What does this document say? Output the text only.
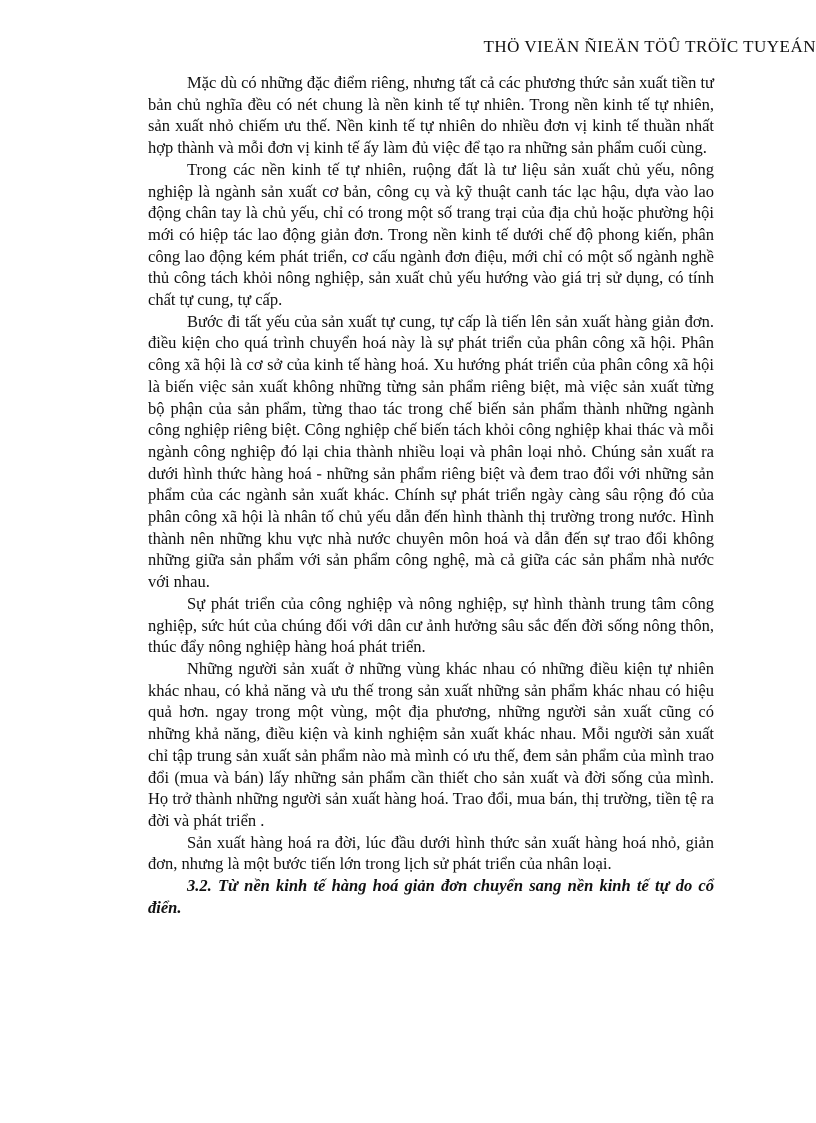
THÖ VIEÄN ÑIEÄN TÖÛ TRÖÏC TUYEÁN

Mặc dù có những đặc điểm riêng, nhưng tất cả các phương thức sản xuất tiền tư bản chủ nghĩa đều có nét chung là nền kinh tế tự nhiên. Trong nền kinh tế tự nhiên, sản xuất nhỏ chiếm ưu thế. Nền kinh tế tự nhiên do nhiều đơn vị kinh tế thuần nhất hợp thành và mỗi đơn vị kinh tế ấy làm đủ việc để tạo ra những sản phẩm cuối cùng.

Trong các nền kinh tế tự nhiên, ruộng đất là tư liệu sản xuất chủ yếu, nông nghiệp là ngành sản xuất cơ bản, công cụ và kỹ thuật canh tác lạc hậu, dựa vào lao động chân tay là chủ yếu, chỉ có trong một số trang trại của địa chủ hoặc phường hội mới có hiệp tác lao động giản đơn. Trong nền kinh tế dưới chế độ phong kiến, phân công lao động kém phát triển, cơ cấu ngành đơn điệu, mới chỉ có một số ngành nghề thủ công tách khỏi nông nghiệp, sản xuất chủ yếu hướng vào giá trị sử dụng, có tính chất tự cung, tự cấp.

Bước đi tất yếu của sản xuất tự cung, tự cấp là tiến lên sản xuất hàng giản đơn. điều kiện cho quá trình chuyển hoá này là sự phát triển của phân công xã hội. Phân công xã hội là cơ sở của kinh tế hàng hoá. Xu hướng phát triển của phân công xã hội là biến việc sản xuất không những từng sản phẩm riêng biệt, mà việc sản xuất từng bộ phận của sản phẩm, từng thao tác trong chế biến sản phẩm thành những ngành công nghiệp riêng biệt. Công nghiệp chế biến tách khỏi công nghiệp khai thác và mỗi ngành công nghiệp đó lại chia thành nhiều loại và phân loại nhỏ. Chúng sản xuất ra dưới hình thức hàng hoá - những sản phẩm riêng biệt và đem trao đổi với những sản phẩm của các ngành sản xuất khác. Chính sự phát triển ngày càng sâu rộng đó của phân công xã hội là nhân tố chủ yếu dẫn đến hình thành thị trường trong nước. Hình thành nên những khu vực nhà nước chuyên môn hoá và dẫn đến sự trao đổi không những giữa sản phẩm với sản phẩm công nghệ, mà cả giữa các sản phẩm nhà nước với nhau.

Sự phát triển của công nghiệp và nông nghiệp, sự hình thành trung tâm công nghiệp, sức hút của chúng đối với dân cư ảnh hưởng sâu sắc đến đời sống nông thôn, thúc đẩy nông nghiệp hàng hoá phát triển.

Những người sản xuất ở những vùng khác nhau có những điều kiện tự nhiên khác nhau, có khả năng và ưu thế trong sản xuất những sản phẩm khác nhau có hiệu quả hơn. ngay trong một vùng, một địa phương, những người sản xuất cũng có những khả năng, điều kiện và kinh nghiệm sản xuất khác nhau. Mỗi người sản xuất chỉ tập trung sản xuất sản phẩm nào mà mình có ưu thế, đem sản phẩm của mình trao đổi (mua và bán) lấy những sản phẩm cần thiết cho sản xuất và đời sống của mình. Họ trở thành những người sản xuất hàng hoá. Trao đổi, mua bán, thị trường, tiền tệ ra đời và phát triển .

Sản xuất hàng hoá ra đời, lúc đầu dưới hình thức sản xuất hàng hoá nhỏ, giản đơn, nhưng là một bước tiến lớn trong lịch sử phát triển của nhân loại.

3.2. Từ nền kinh tế hàng hoá giản đơn chuyển sang nền kinh tế tự do cổ điển.
